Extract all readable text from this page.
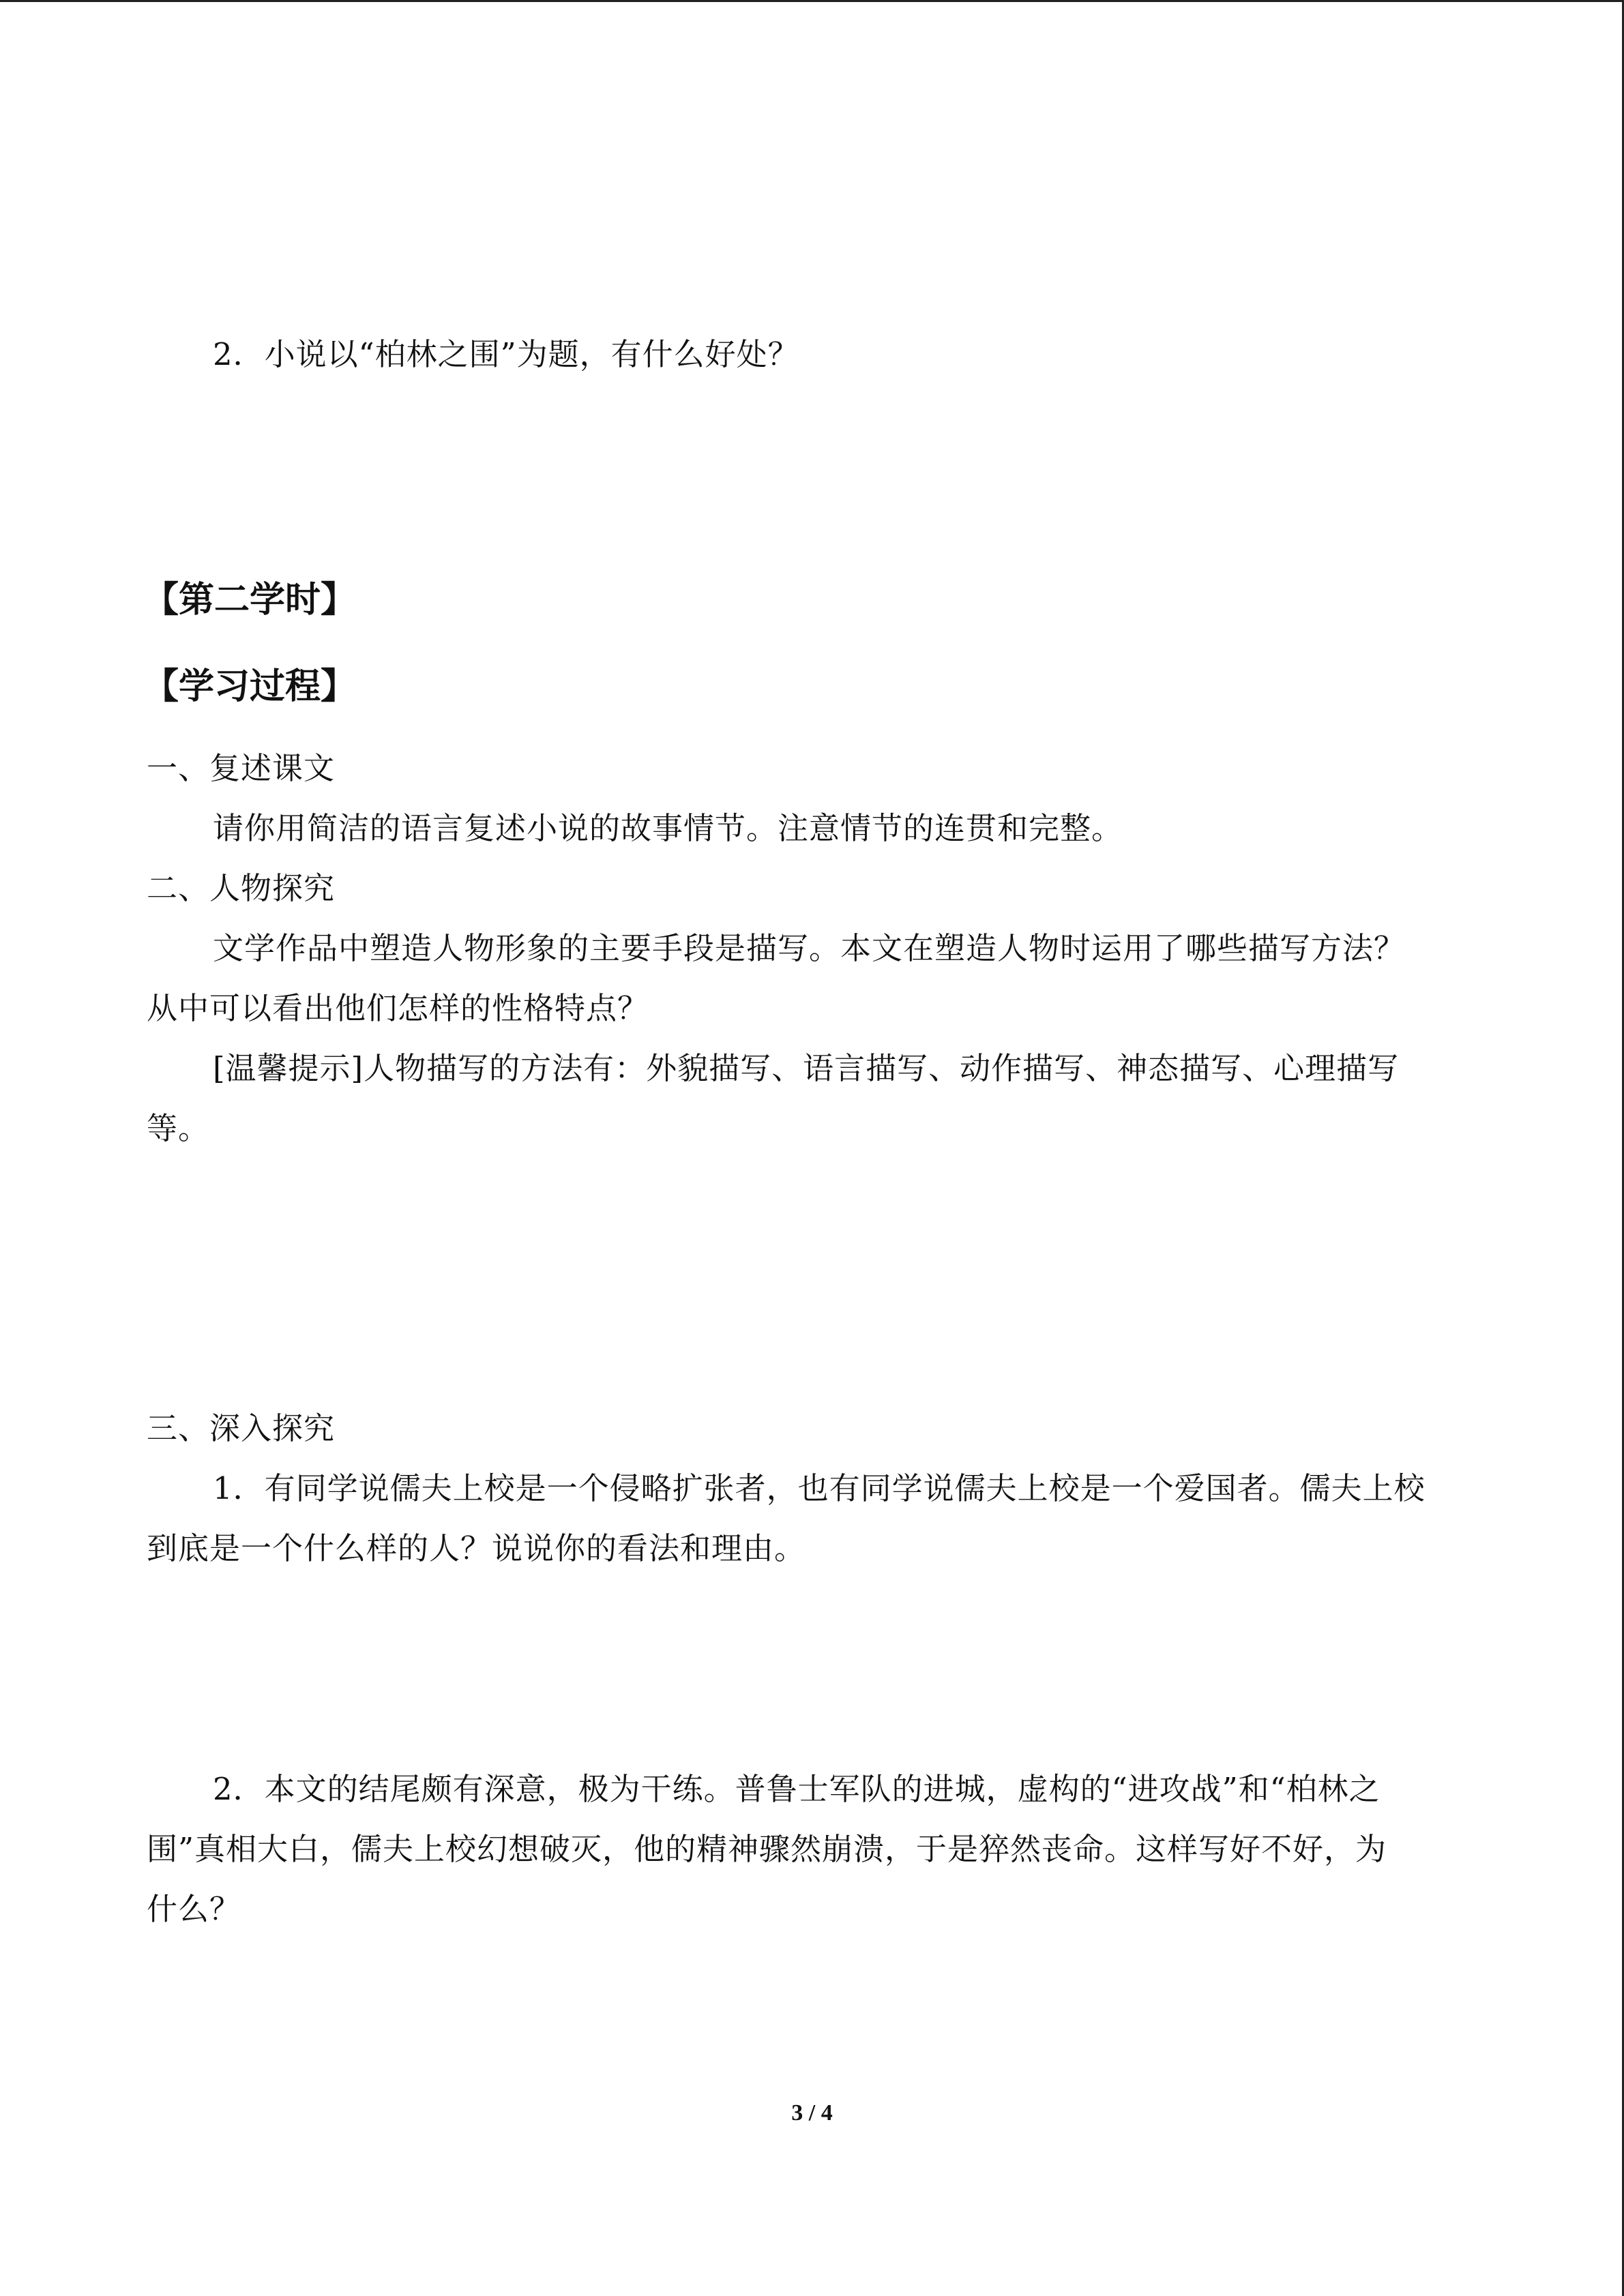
2．小说以“柏林之围”为题，有什么好处？
【第二学时】
【学习过程】
一、复述课文
请你用简洁的语言复述小说的故事情节。注意情节的连贯和完整。
二、人物探究
文学作品中塑造人物形象的主要手段是描写。本文在塑造人物时运用了哪些描写方法？
从中可以看出他们怎样的性格特点？
[温馨提示]人物描写的方法有：外貌描写、语言描写、动作描写、神态描写、心理描写
等。
三、深入探究
1．有同学说儒夫上校是一个侵略扩张者，也有同学说儒夫上校是一个爱国者。儒夫上校
到底是一个什么样的人？说说你的看法和理由。
2．本文的结尾颇有深意，极为干练。普鲁士军队的进城，虚构的“进攻战”和“柏林之
围”真相大白，儒夫上校幻想破灭，他的精神骤然崩溃，于是猝然丧命。这样写好不好，为
什么？
3 / 4
